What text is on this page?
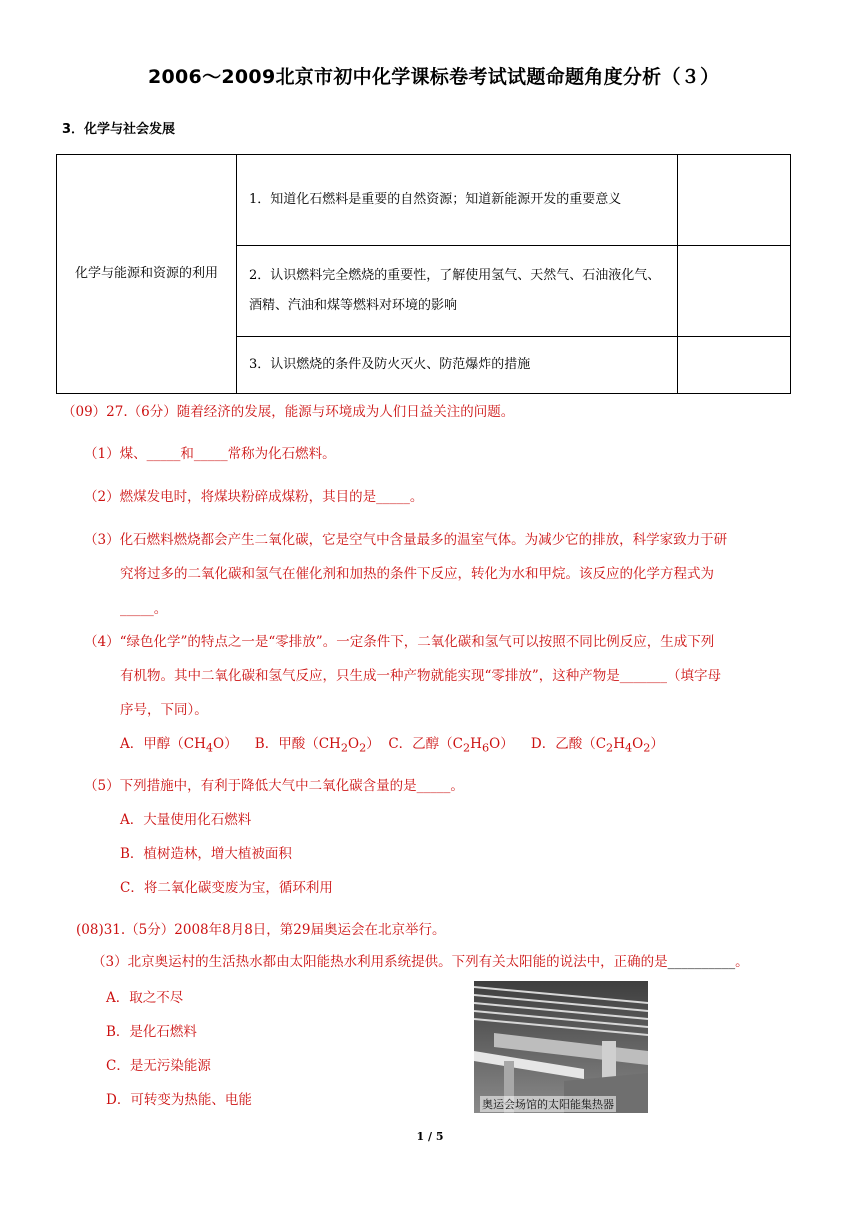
2006～2009北京市初中化学课标卷考试试题命题角度分析（３）
3．化学与社会发展
化学与能源和资源的利用	1．知道化石燃料是重要的自然资源；知道新能源开发的重要意义	
	2．认识燃料完全燃烧的重要性，了解使用氢气、天然气、石油液化气、酒精、汽油和煤等燃料对环境的影响	
	3．认识燃烧的条件及防火灭火、防范爆炸的措施	
（09）27.（6分）随着经济的发展，能源与环境成为人们日益关注的问题。
（1）煤、_____和_____常称为化石燃料。
（2）燃煤发电时，将煤块粉碎成煤粉，其目的是_____。
（3）化石燃料燃烧都会产生二氧化碳，它是空气中含量最多的温室气体。为减少它的排放，科学家致力于研
究将过多的二氧化碳和氢气在催化剂和加热的条件下反应，转化为水和甲烷。该反应的化学方程式为
_____。
（4）“绿色化学”的特点之一是“零排放”。一定条件下，二氧化碳和氢气可以按照不同比例反应，生成下列
有机物。其中二氧化碳和氢气反应，只生成一种产物就能实现“零排放”，这种产物是_______（填字母
序号，下同）。
A．甲醇$(CH_4O)$ B．甲酸$(CH_2O_2)$ C．乙醇$(C_2H_6O)$ D．乙酸$(C_2H_4O_2)$
（5）下列措施中，有利于降低大气中二氧化碳含量的是_____。
A．大量使用化石燃料
B．植树造林，增大植被面积
C．将二氧化碳变废为宝，循环利用
(08)31.（5分）2008年8月8日，第29届奥运会在北京举行。
（3）北京奥运村的生活热水都由太阳能热水利用系统提供。下列有关太阳能的说法中，正确的是__________。
A．取之不尽
B．是化石燃料
C．是无污染能源
D．可转变为热能、电能	奥运会场馆的太阳能集热器
1 / 5
